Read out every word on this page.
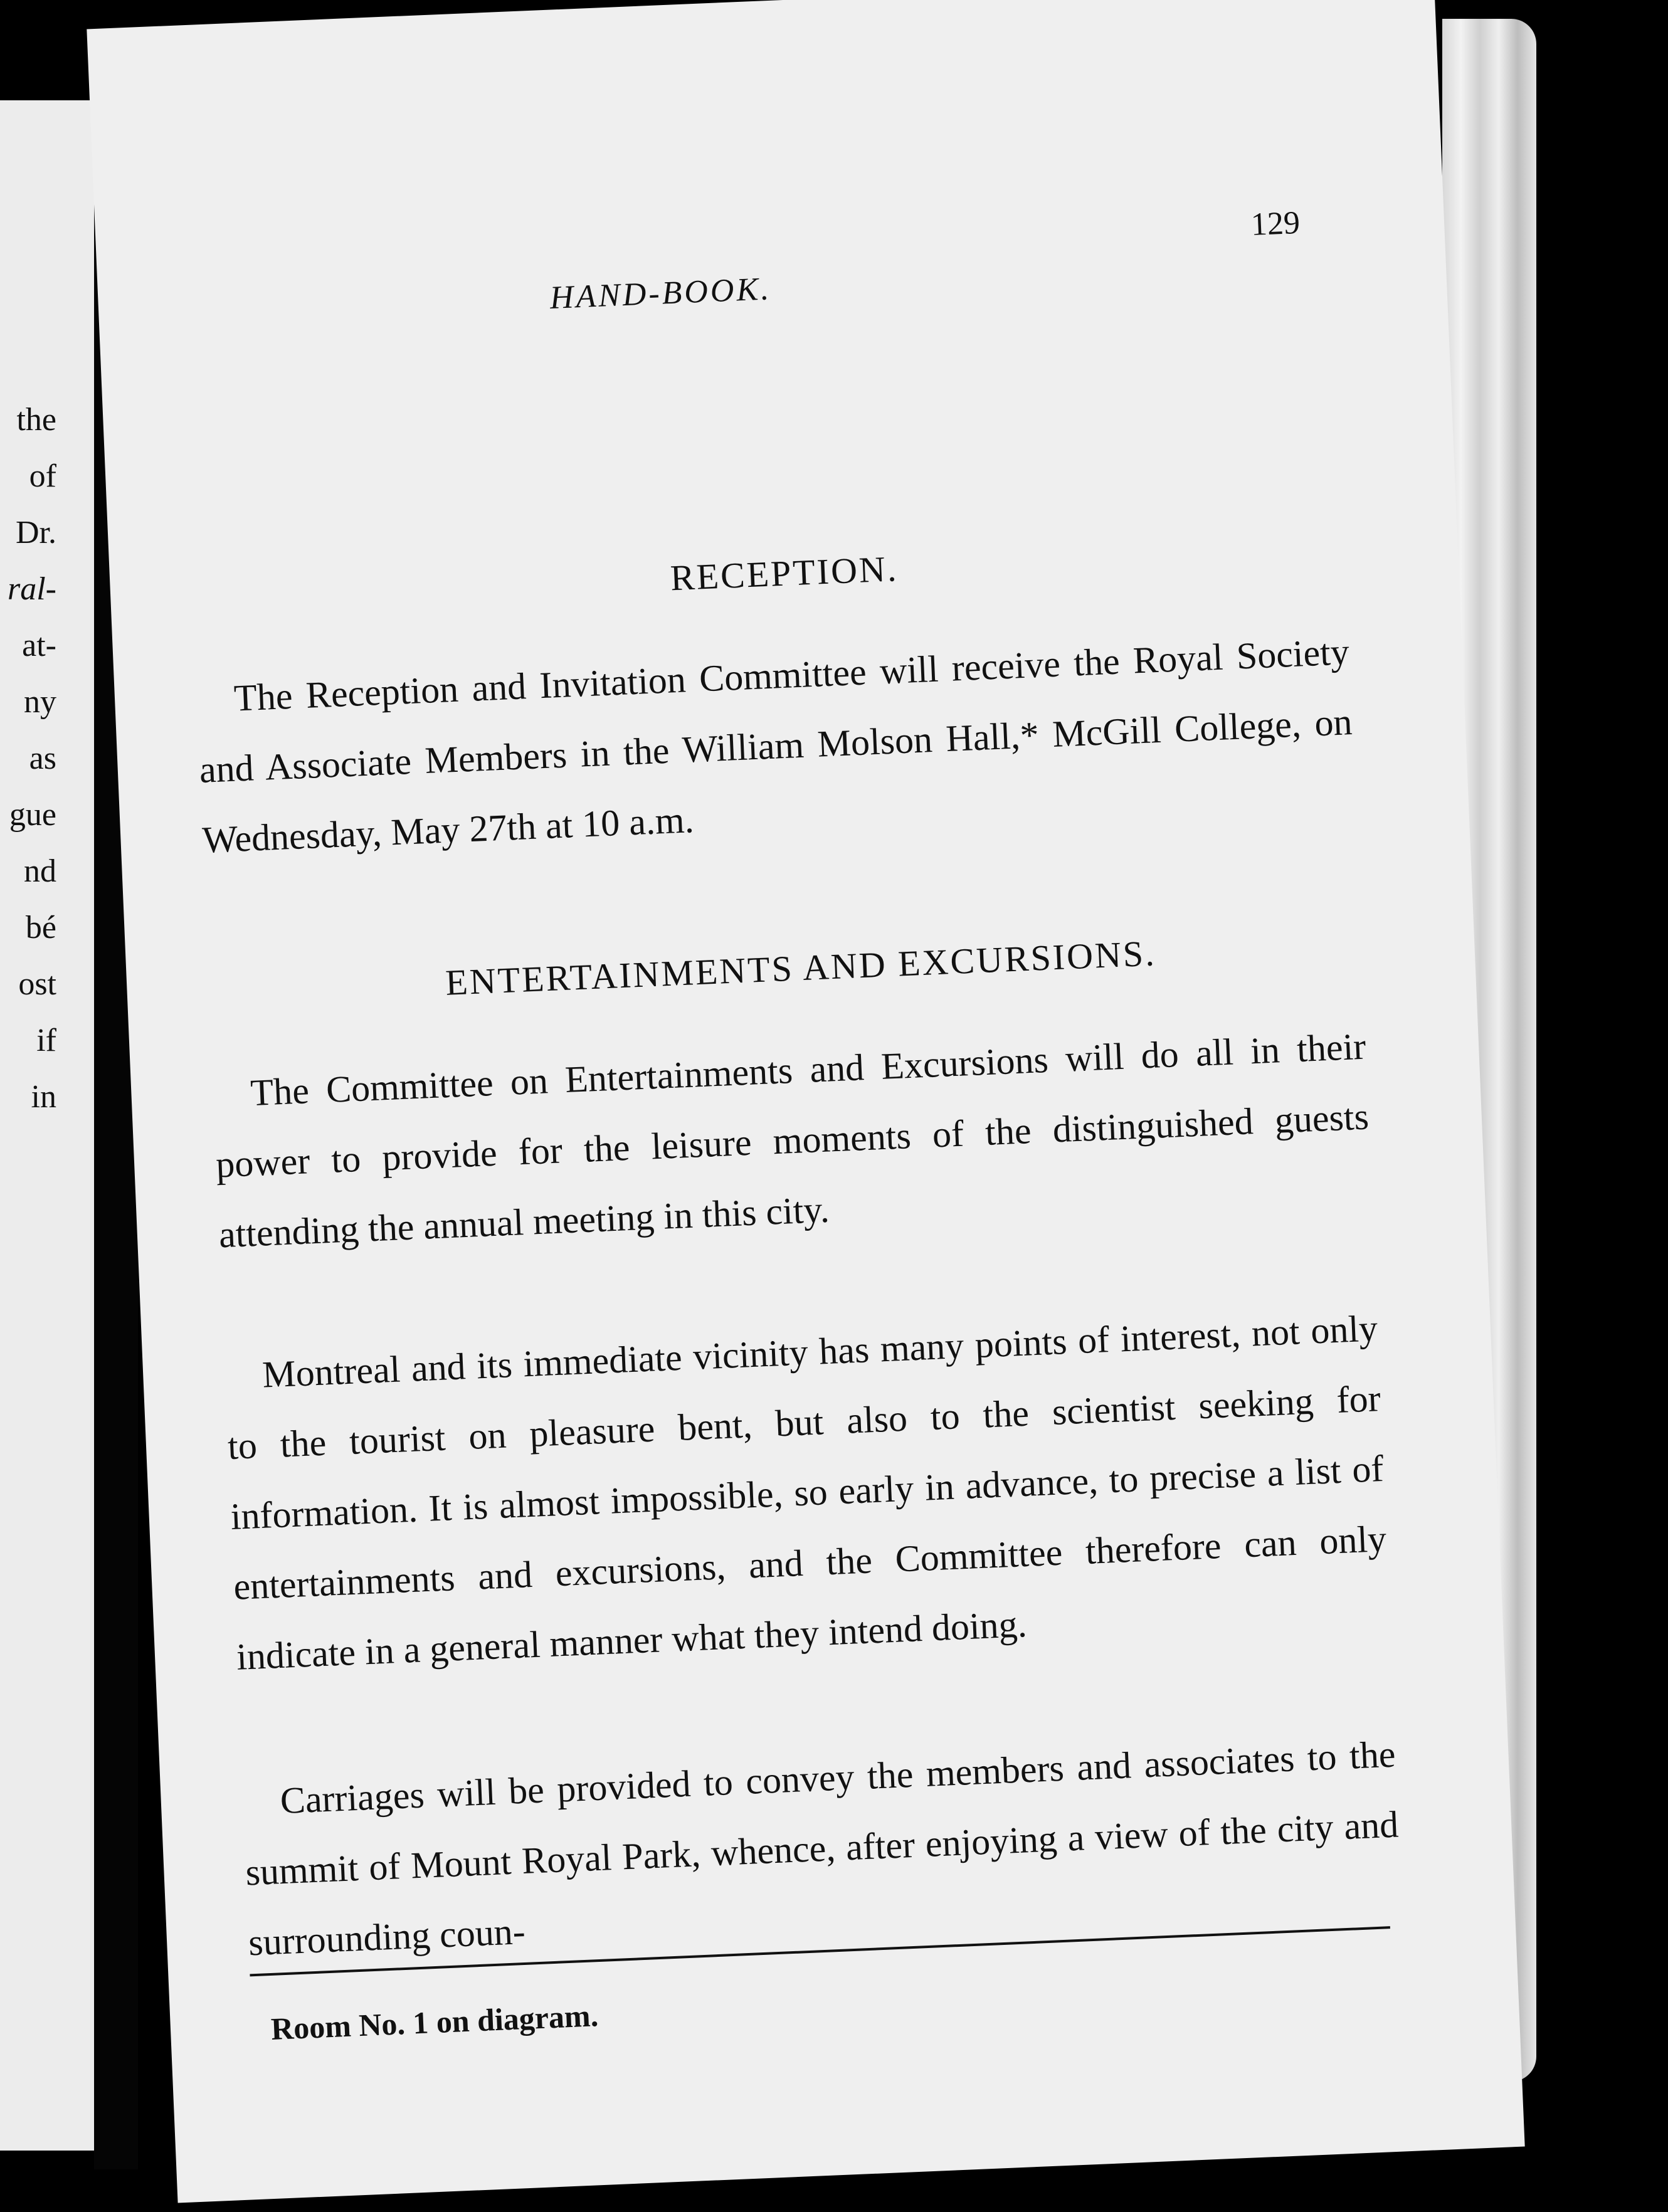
the
of
Dr.
ral-
at-
ny
as
gue
nd
bé
ost
if
in
HAND-BOOK.
129
RECEPTION.
The Reception and Invitation Committee will receive the Royal Society and Associate Members in the William Molson Hall,* McGill College, on Wednesday, May 27th at 10 a.m.
ENTERTAINMENTS AND EXCURSIONS.
The Committee on Entertainments and Excursions will do all in their power to provide for the leisure moments of the distinguished guests attending the annual meeting in this city.
Montreal and its immediate vicinity has many points of interest, not only to the tourist on pleasure bent, but also to the scientist seeking for information. It is almost impossible, so early in advance, to precise a list of entertainments and excursions, and the Committee therefore can only indicate in a general manner what they intend doing.
Carriages will be provided to convey the members and associates to the summit of Mount Royal Park, whence, after enjoying a view of the city and surrounding coun-
Room No. 1 on diagram.
